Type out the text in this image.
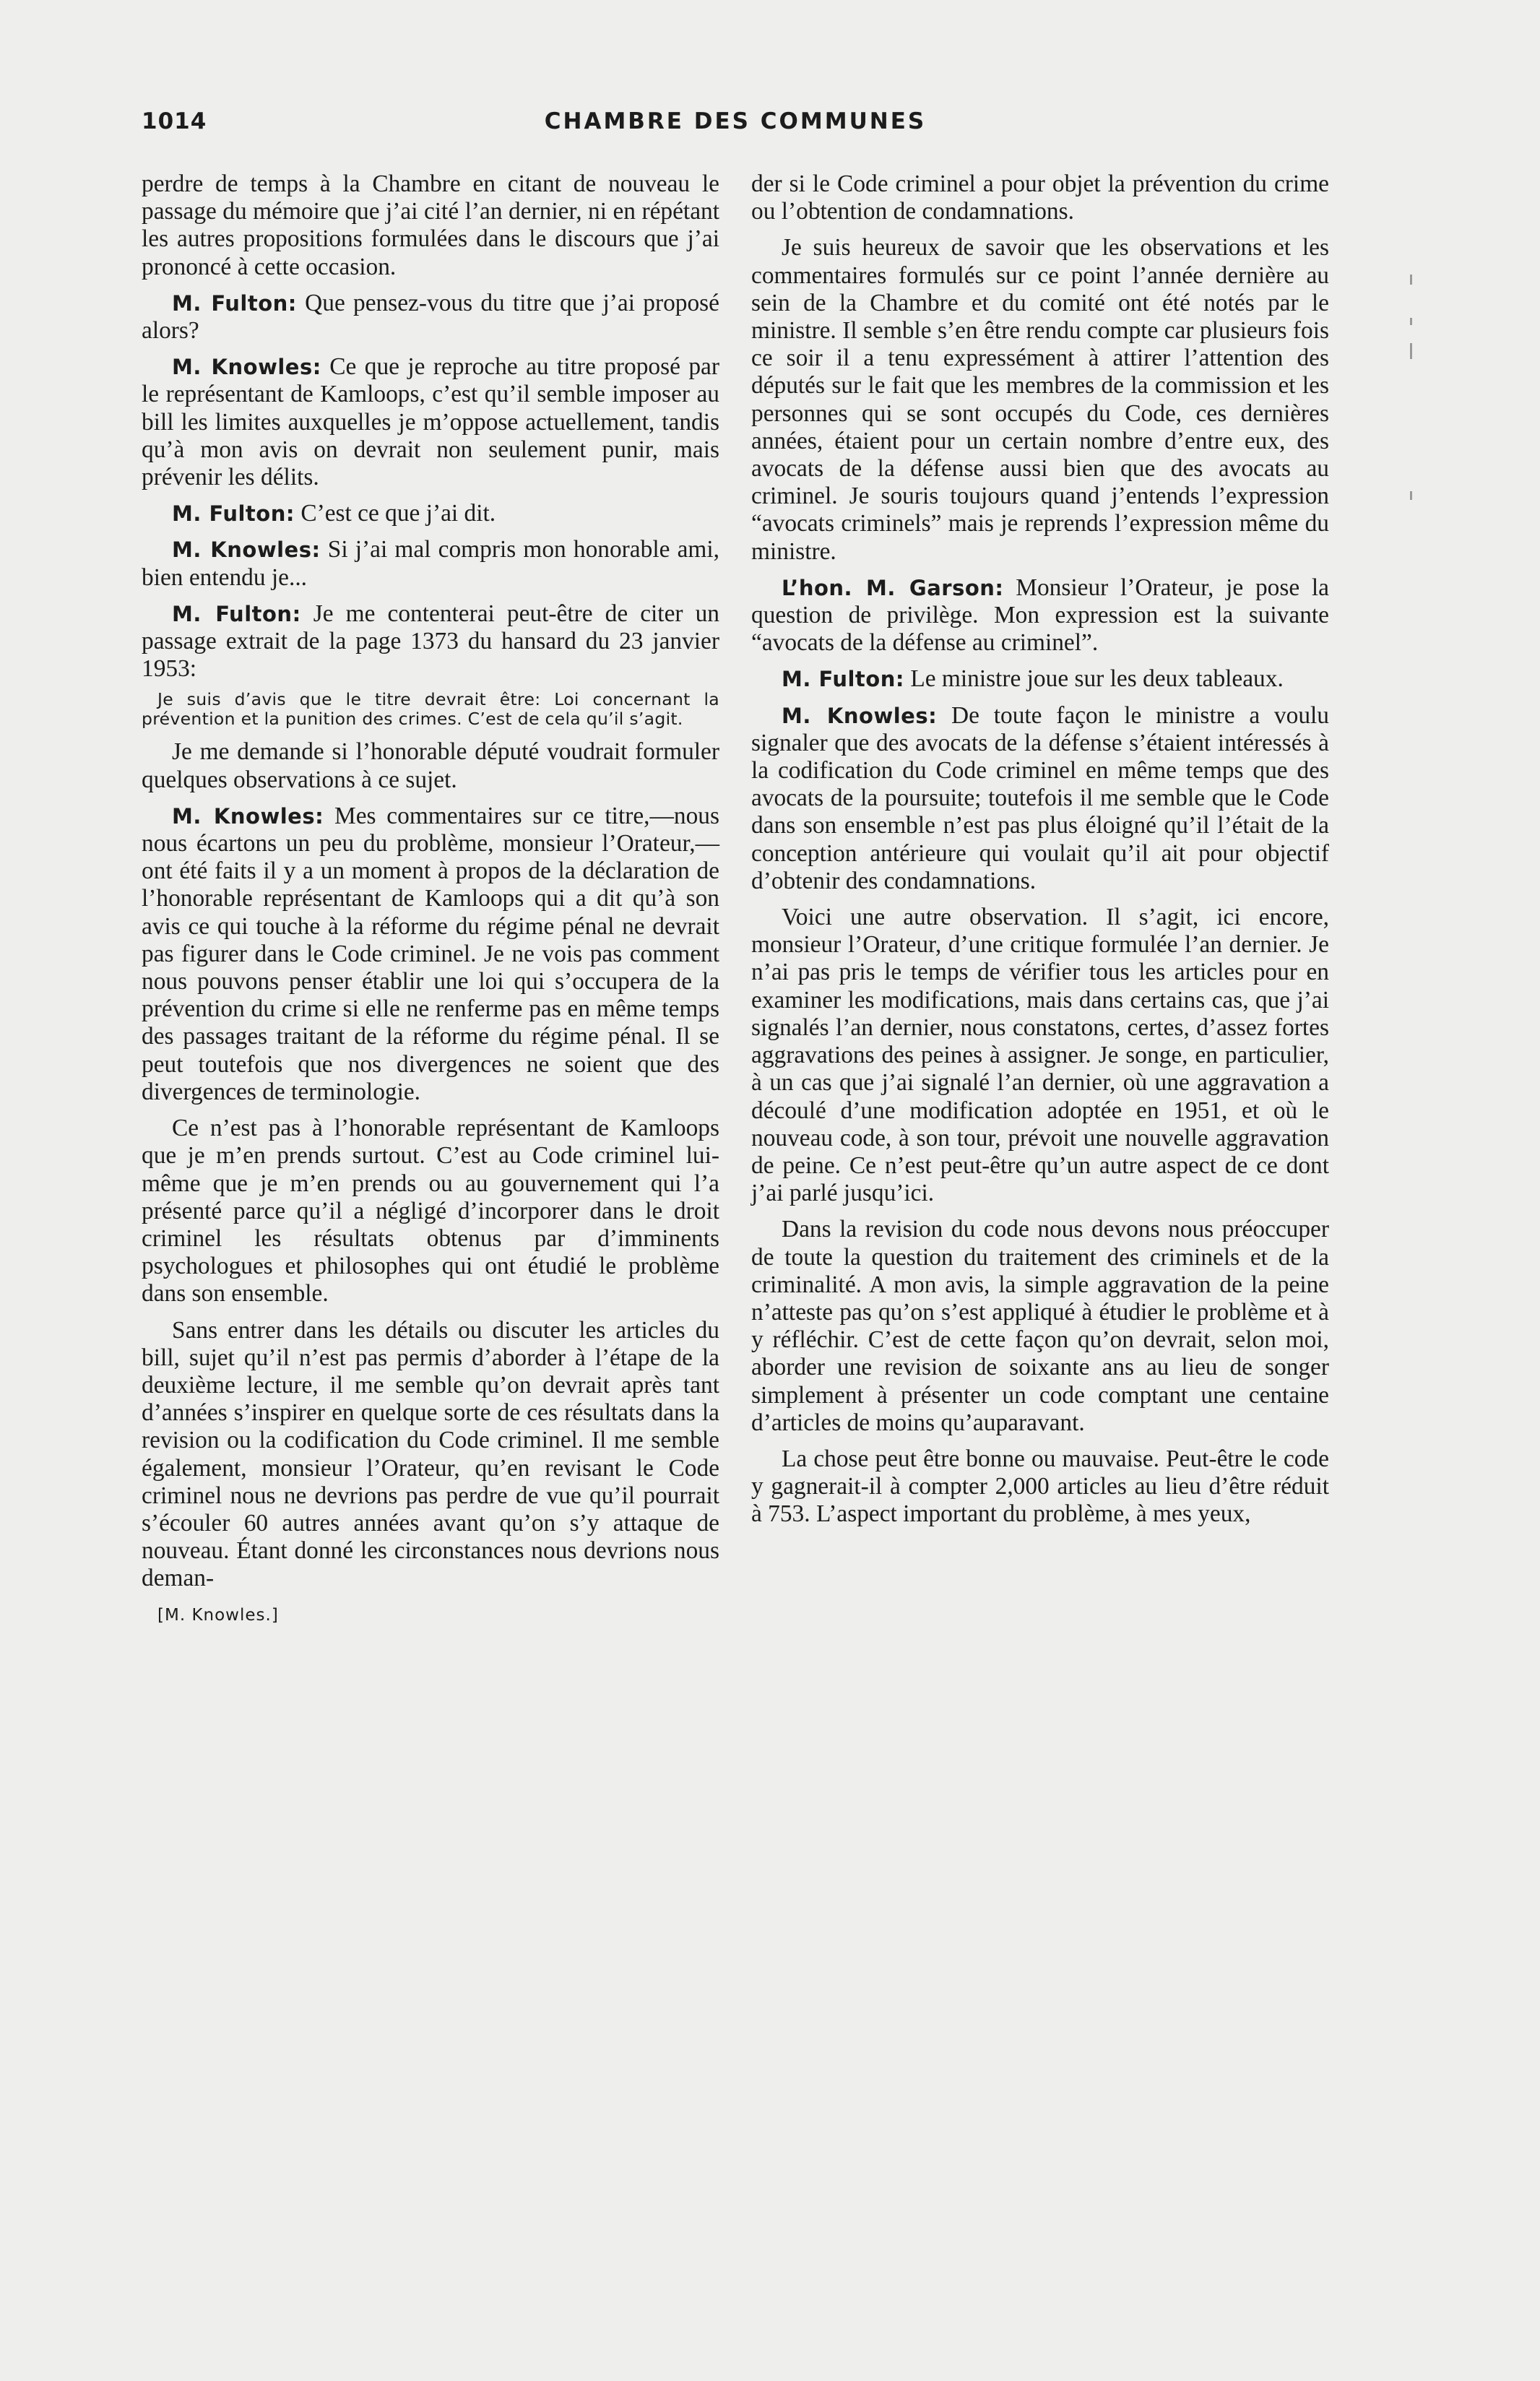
1014	CHAMBRE DES COMMUNES

perdre de temps à la Chambre en citant de nouveau le passage du mémoire que j’ai cité l’an dernier, ni en répétant les autres propositions formulées dans le discours que j’ai prononcé à cette occasion.

M. Fulton: Que pensez-vous du titre que j’ai proposé alors?

M. Knowles: Ce que je reproche au titre proposé par le représentant de Kamloops, c’est qu’il semble imposer au bill les limites auxquelles je m’oppose actuellement, tandis qu’à mon avis on devrait non seulement punir, mais prévenir les délits.

M. Fulton: C’est ce que j’ai dit.

M. Knowles: Si j’ai mal compris mon honorable ami, bien entendu je...

M. Fulton: Je me contenterai peut-être de citer un passage extrait de la page 1373 du hansard du 23 janvier 1953:

Je suis d’avis que le titre devrait être: Loi concernant la prévention et la punition des crimes. C’est de cela qu’il s’agit.

Je me demande si l’honorable député voudrait formuler quelques observations à ce sujet.

M. Knowles: Mes commentaires sur ce titre,—nous nous écartons un peu du problème, monsieur l’Orateur,—ont été faits il y a un moment à propos de la déclaration de l’honorable représentant de Kamloops qui a dit qu’à son avis ce qui touche à la réforme du régime pénal ne devrait pas figurer dans le Code criminel. Je ne vois pas comment nous pouvons penser établir une loi qui s’occupera de la prévention du crime si elle ne renferme pas en même temps des passages traitant de la réforme du régime pénal. Il se peut toutefois que nos divergences ne soient que des divergences de terminologie.

Ce n’est pas à l’honorable représentant de Kamloops que je m’en prends surtout. C’est au Code criminel lui-même que je m’en prends ou au gouvernement qui l’a présenté parce qu’il a négligé d’incorporer dans le droit criminel les résultats obtenus par d’imminents psychologues et philosophes qui ont étudié le problème dans son ensemble.

Sans entrer dans les détails ou discuter les articles du bill, sujet qu’il n’est pas permis d’aborder à l’étape de la deuxième lecture, il me semble qu’on devrait après tant d’années s’inspirer en quelque sorte de ces résultats dans la revision ou la codification du Code criminel. Il me semble également, monsieur l’Orateur, qu’en revisant le Code criminel nous ne devrions pas perdre de vue qu’il pourrait s’écouler 60 autres années avant qu’on s’y attaque de nouveau. Étant donné les circonstances nous devrions nous deman-

[M. Knowles.]

der si le Code criminel a pour objet la prévention du crime ou l’obtention de condamnations.

Je suis heureux de savoir que les observations et les commentaires formulés sur ce point l’année dernière au sein de la Chambre et du comité ont été notés par le ministre. Il semble s’en être rendu compte car plusieurs fois ce soir il a tenu expressément à attirer l’attention des députés sur le fait que les membres de la commission et les personnes qui se sont occupés du Code, ces dernières années, étaient pour un certain nombre d’entre eux, des avocats de la défense aussi bien que des avocats au criminel. Je souris toujours quand j’entends l’expression “avocats criminels” mais je reprends l’expression même du ministre.

L’hon. M. Garson: Monsieur l’Orateur, je pose la question de privilège. Mon expression est la suivante “avocats de la défense au criminel”.

M. Fulton: Le ministre joue sur les deux tableaux.

M. Knowles: De toute façon le ministre a voulu signaler que des avocats de la défense s’étaient intéressés à la codification du Code criminel en même temps que des avocats de la poursuite; toutefois il me semble que le Code dans son ensemble n’est pas plus éloigné qu’il l’était de la conception antérieure qui voulait qu’il ait pour objectif d’obtenir des condamnations.

Voici une autre observation. Il s’agit, ici encore, monsieur l’Orateur, d’une critique formulée l’an dernier. Je n’ai pas pris le temps de vérifier tous les articles pour en examiner les modifications, mais dans certains cas, que j’ai signalés l’an dernier, nous constatons, certes, d’assez fortes aggravations des peines à assigner. Je songe, en particulier, à un cas que j’ai signalé l’an dernier, où une aggravation a découlé d’une modification adoptée en 1951, et où le nouveau code, à son tour, prévoit une nouvelle aggravation de peine. Ce n’est peut-être qu’un autre aspect de ce dont j’ai parlé jusqu’ici.

Dans la revision du code nous devons nous préoccuper de toute la question du traitement des criminels et de la criminalité. A mon avis, la simple aggravation de la peine n’atteste pas qu’on s’est appliqué à étudier le problème et à y réfléchir. C’est de cette façon qu’on devrait, selon moi, aborder une revision de soixante ans au lieu de songer simplement à présenter un code comptant une centaine d’articles de moins qu’auparavant.

La chose peut être bonne ou mauvaise. Peut-être le code y gagnerait-il à compter 2,000 articles au lieu d’être réduit à 753. L’aspect important du problème, à mes yeux,
